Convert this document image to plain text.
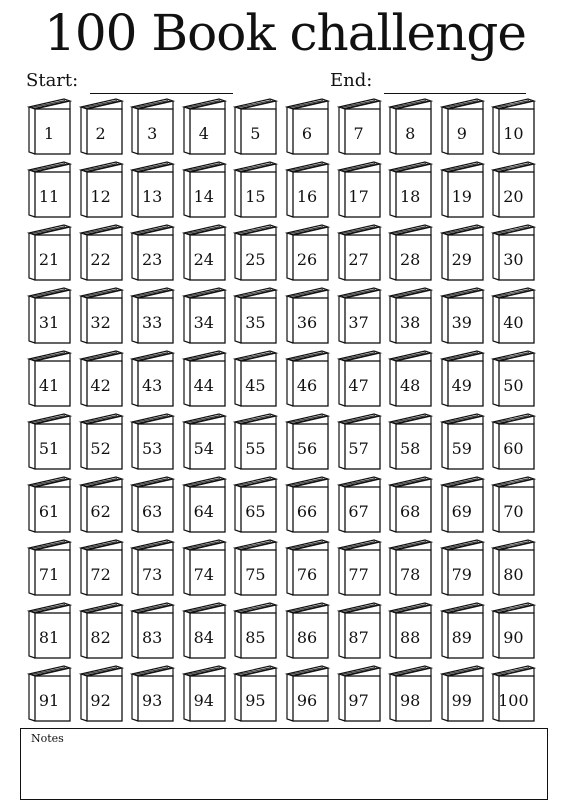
100 Book challenge
Start:	End:
1	2	3	4	5	6	7	8	9	10
11	12	13	14	15	16	17	18	19	20
21	22	23	24	25	26	27	28	29	30
31	32	33	34	35	36	37	38	39	40
41	42	43	44	45	46	47	48	49	50
51	52	53	54	55	56	57	58	59	60
61	62	63	64	65	66	67	68	69	70
71	72	73	74	75	76	77	78	79	80
81	82	83	84	85	86	87	88	89	90
91	92	93	94	95	96	97	98	99	100
Notes
